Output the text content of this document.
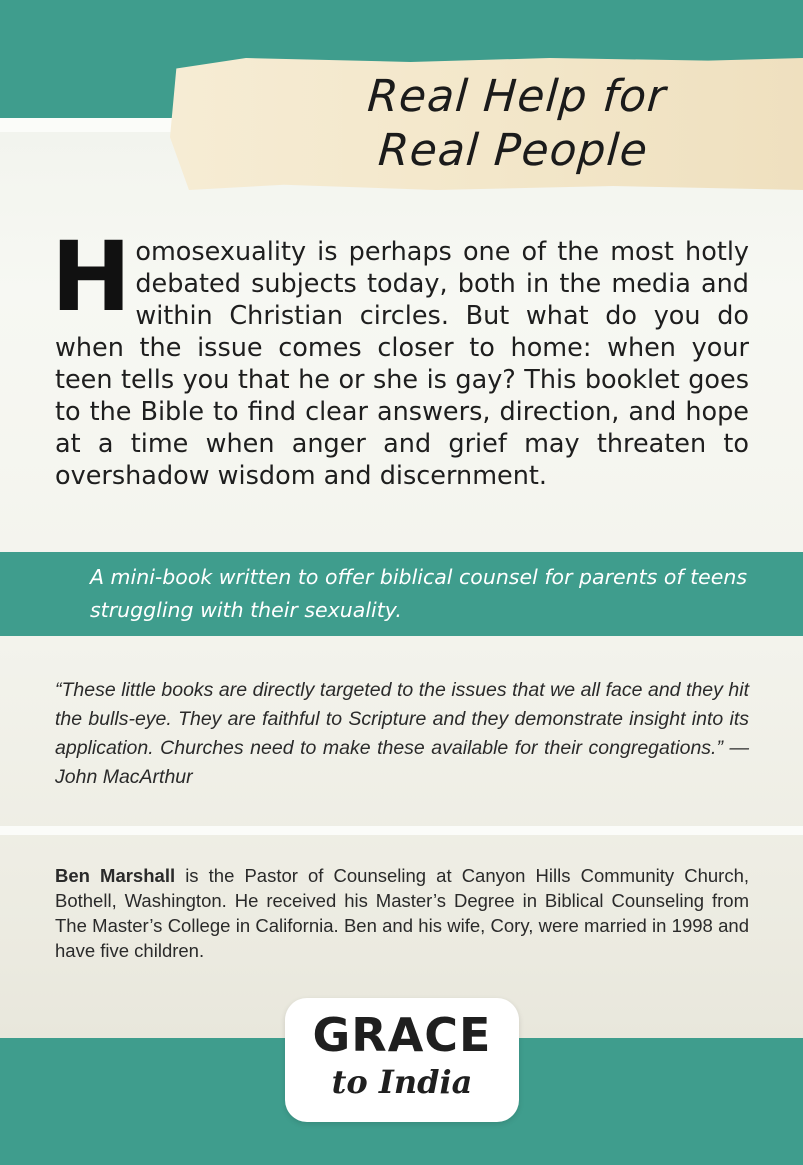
Real Help for
Real People

Homosexuality is perhaps one of the most hotly debated subjects today, both in the media and within Christian circles. But what do you do when the issue comes closer to home: when your teen tells you that he or she is gay? This booklet goes to the Bible to find clear answers, direction, and hope at a time when anger and grief may threaten to overshadow wisdom and discernment.

A mini-book written to offer biblical counsel for parents of teens struggling with their sexuality.

“These little books are directly targeted to the issues that we all face and they hit the bulls-eye. They are faithful to Scripture and they demonstrate insight into its application. Churches need to make these available for their congregations.” — John MacArthur

Ben Marshall is the Pastor of Counseling at Canyon Hills Community Church, Bothell, Washington. He received his Master’s Degree in Biblical Counseling from The Master’s College in California. Ben and his wife, Cory, were married in 1998 and have five children.

GRACE
to India
